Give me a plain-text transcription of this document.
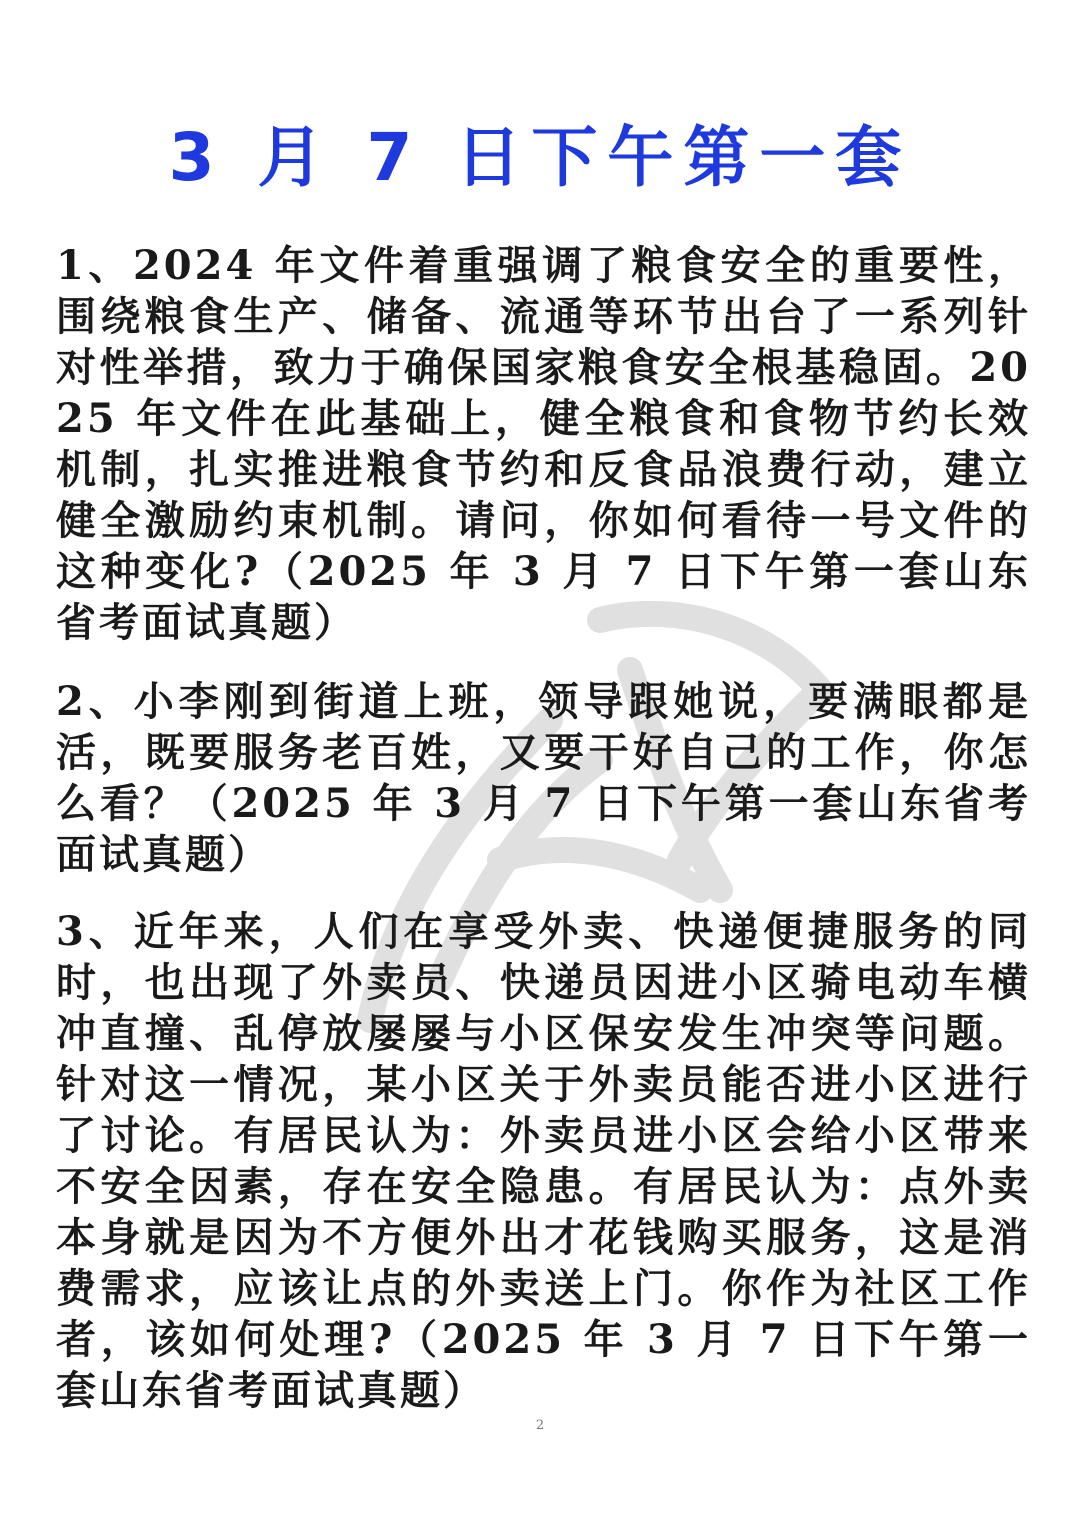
3 月 7 日下午第一套

1、2024 年文件着重强调了粮食安全的重要性，围绕粮食生产、储备、流通等环节出台了一系列针对性举措，致力于确保国家粮食安全根基稳固。2025 年文件在此基础上，健全粮食和食物节约长效机制，扎实推进粮食节约和反食品浪费行动，建立健全激励约束机制。请问，你如何看待一号文件的这种变化?（2025 年 3 月 7 日下午第一套山东省考面试真题）

2、小李刚到街道上班，领导跟她说，要满眼都是活，既要服务老百姓，又要干好自己的工作，你怎么看？（2025 年 3 月 7 日下午第一套山东省考面试真题）

3、近年来，人们在享受外卖、快递便捷服务的同时，也出现了外卖员、快递员因进小区骑电动车横冲直撞、乱停放屡屡与小区保安发生冲突等问题。针对这一情况，某小区关于外卖员能否进小区进行了讨论。有居民认为：外卖员进小区会给小区带来不安全因素，存在安全隐患。有居民认为：点外卖本身就是因为不方便外出才花钱购买服务，这是消费需求，应该让点的外卖送上门。你作为社区工作者，该如何处理?（2025 年 3 月 7 日下午第一套山东省考面试真题）

2
